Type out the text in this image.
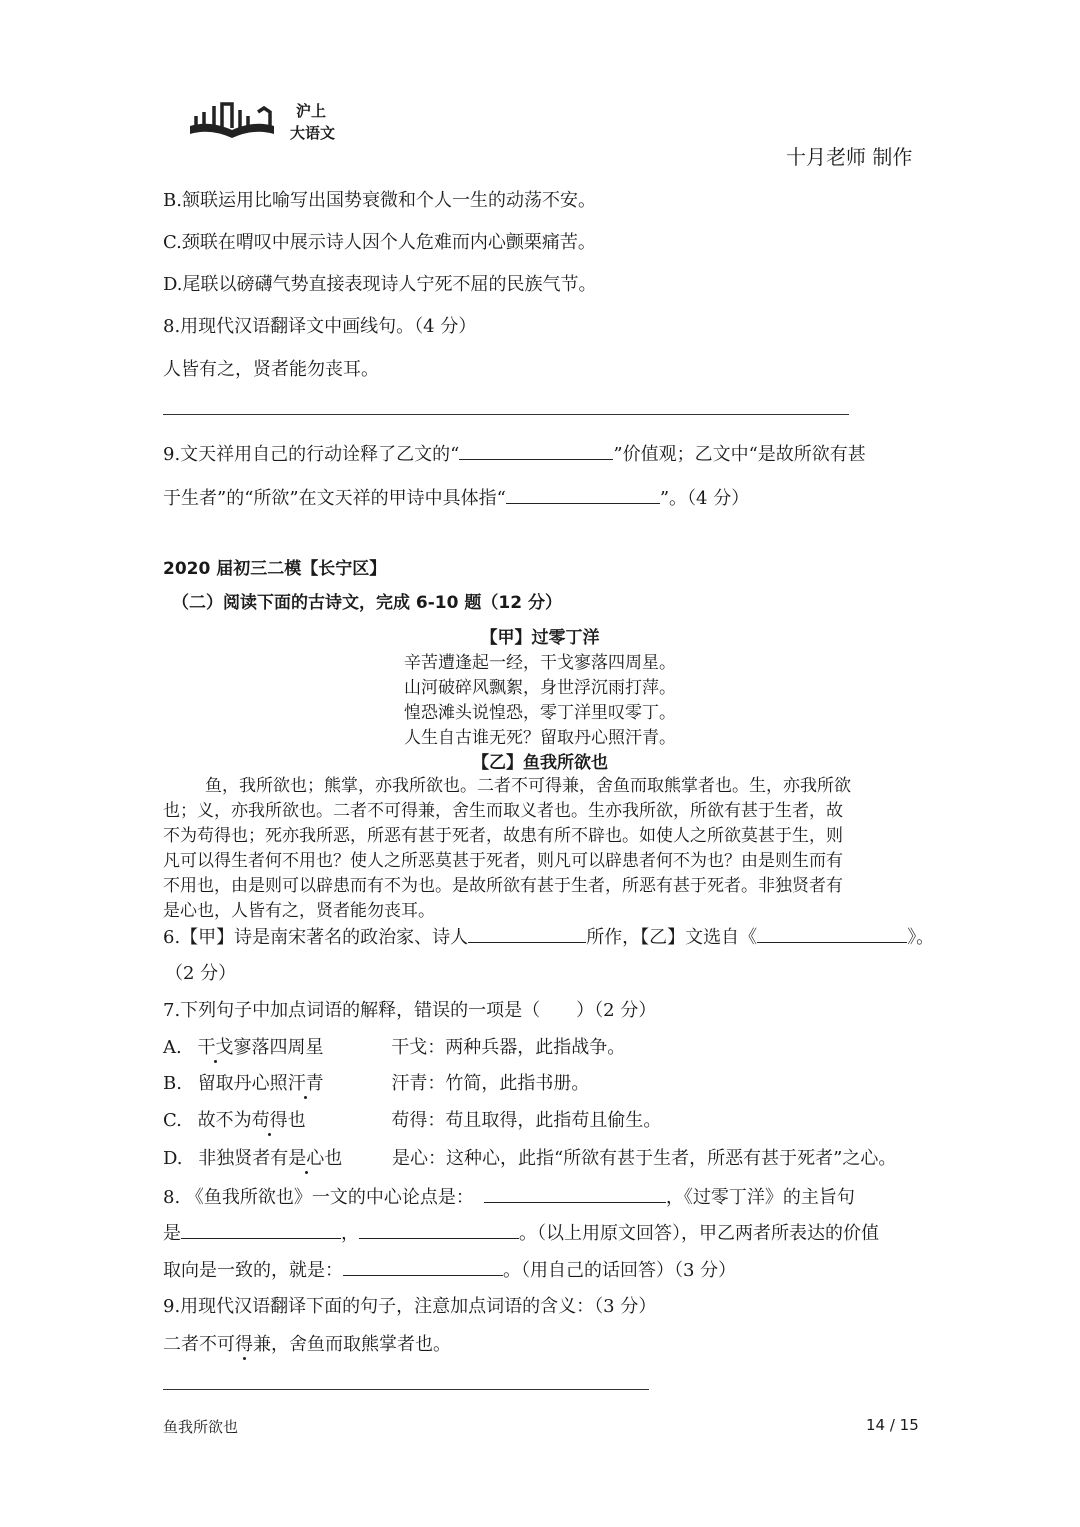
沪上
大语文
十月老师 制作
B.颔联运用比喻写出国势衰微和个人一生的动荡不安。
C.颈联在喟叹中展示诗人因个人危难而内心颤栗痛苦。
D.尾联以磅礴气势直接表现诗人宁死不屈的民族气节。
8.用现代汉语翻译文中画线句。（4 分）
人皆有之，贤者能勿丧耳。
9.文天祥用自己的行动诠释了乙文的“	”价值观；乙文中“是故所欲有甚
于生者”的“所欲”在文天祥的甲诗中具体指“	”。（4 分）
2020 届初三二模【长宁区】
（二）阅读下面的古诗文，完成 6-10 题（12 分）
【甲】过零丁洋
辛苦遭逢起一经，干戈寥落四周星。
山河破碎风飘絮，身世浮沉雨打萍。
惶恐滩头说惶恐，零丁洋里叹零丁。
人生自古谁无死？留取丹心照汗青。
【乙】鱼我所欲也
鱼，我所欲也；熊掌，亦我所欲也。二者不可得兼，舍鱼而取熊掌者也。生，亦我所欲
也；义，亦我所欲也。二者不可得兼，舍生而取义者也。生亦我所欲，所欲有甚于生者，故
不为苟得也；死亦我所恶，所恶有甚于死者，故患有所不辟也。如使人之所欲莫甚于生，则
凡可以得生者何不用也？使人之所恶莫甚于死者，则凡可以辟患者何不为也？由是则生而有
不用也，由是则可以辟患而有不为也。是故所欲有甚于生者，所恶有甚于死者。非独贤者有
是心也，人皆有之，贤者能勿丧耳。
6.【甲】诗是南宋著名的政治家、诗人	所作，【乙】文选自《	》。
（2 分）
7.下列句子中加点词语的解释，错误的一项是（　　）（2 分）
A. 干戈寥落四周星	干戈：两种兵器，此指战争。
B. 留取丹心照汗青	汗青：竹简，此指书册。
C. 故不为苟得也	苟得：苟且取得，此指苟且偷生。
D. 非独贤者有是心也	是心：这种心，此指“所欲有甚于生者，所恶有甚于死者”之心。
8. 《鱼我所欲也》一文的中心论点是：	，《过零丁洋》的主旨句
是	，	。（以上用原文回答），甲乙两者所表达的价值
取向是一致的，就是：	。（用自己的话回答）（3 分）
9.用现代汉语翻译下面的句子，注意加点词语的含义：（3 分）
二者不可得兼，舍鱼而取熊掌者也。
鱼我所欲也	14 / 15
